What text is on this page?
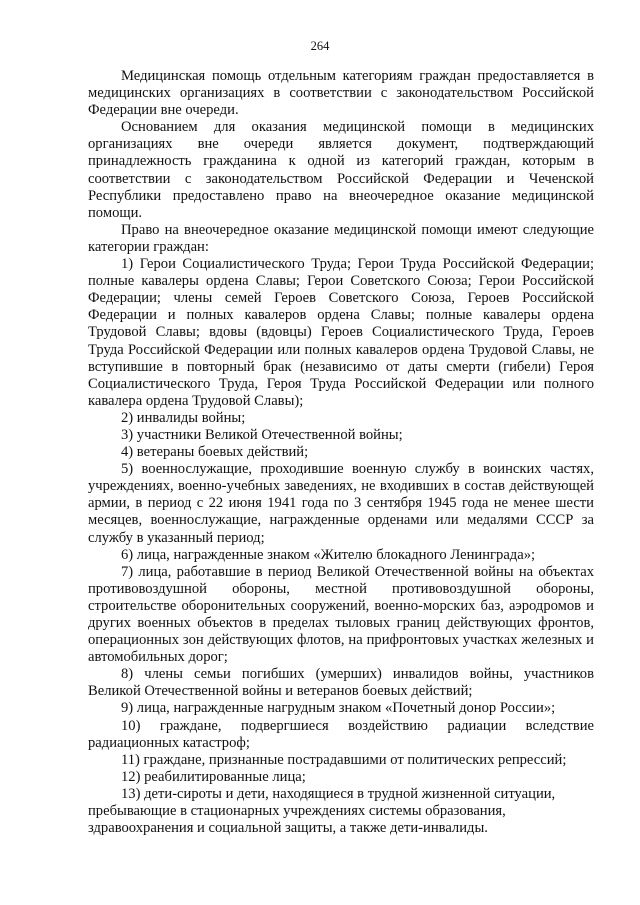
264

Медицинская помощь отдельным категориям граждан предоставляется в медицинских организациях в соответствии с законодательством Российской Федерации вне очереди.

Основанием для оказания медицинской помощи в медицинских организациях вне очереди является документ, подтверждающий принадлежность гражданина к одной из категорий граждан, которым в соответствии с законодательством Российской Федерации и Чеченской Республики предоставлено право на внеочередное оказание медицинской помощи.

Право на внеочередное оказание медицинской помощи имеют следующие категории граждан:

1) Герои Социалистического Труда; Герои Труда Российской Федерации; полные кавалеры ордена Славы; Герои Советского Союза; Герои Российской Федерации; члены семей Героев Советского Союза, Героев Российской Федерации и полных кавалеров ордена Славы; полные кавалеры ордена Трудовой Славы; вдовы (вдовцы) Героев Социалистического Труда, Героев Труда Российской Федерации или полных кавалеров ордена Трудовой Славы, не вступившие в повторный брак (независимо от даты смерти (гибели) Героя Социалистического Труда, Героя Труда Российской Федерации или полного кавалера ордена Трудовой Славы);

2) инвалиды войны;

3) участники Великой Отечественной войны;

4) ветераны боевых действий;

5) военнослужащие, проходившие военную службу в воинских частях, учреждениях, военно-учебных заведениях, не входивших в состав действующей армии, в период с 22 июня 1941 года по 3 сентября 1945 года не менее шести месяцев, военнослужащие, награжденные орденами или медалями СССР за службу в указанный период;

6) лица, награжденные знаком «Жителю блокадного Ленинграда»;

7) лица, работавшие в период Великой Отечественной войны на объектах противовоздушной обороны, местной противовоздушной обороны, строительстве оборонительных сооружений, военно-морских баз, аэродромов и других военных объектов в пределах тыловых границ действующих фронтов, операционных зон действующих флотов, на прифронтовых участках железных и автомобильных дорог;

8) члены семьи погибших (умерших) инвалидов войны, участников Великой Отечественной войны и ветеранов боевых действий;

9) лица, награжденные нагрудным знаком «Почетный донор России»;

10) граждане, подвергшиеся воздействию радиации вследствие радиационных катастроф;

11) граждане, признанные пострадавшими от политических репрессий;

12) реабилитированные лица;

13) дети-сироты и дети, находящиеся в трудной жизненной ситуации, пребывающие в стационарных учреждениях системы образования, здравоохранения и социальной защиты, а также дети-инвалиды.
